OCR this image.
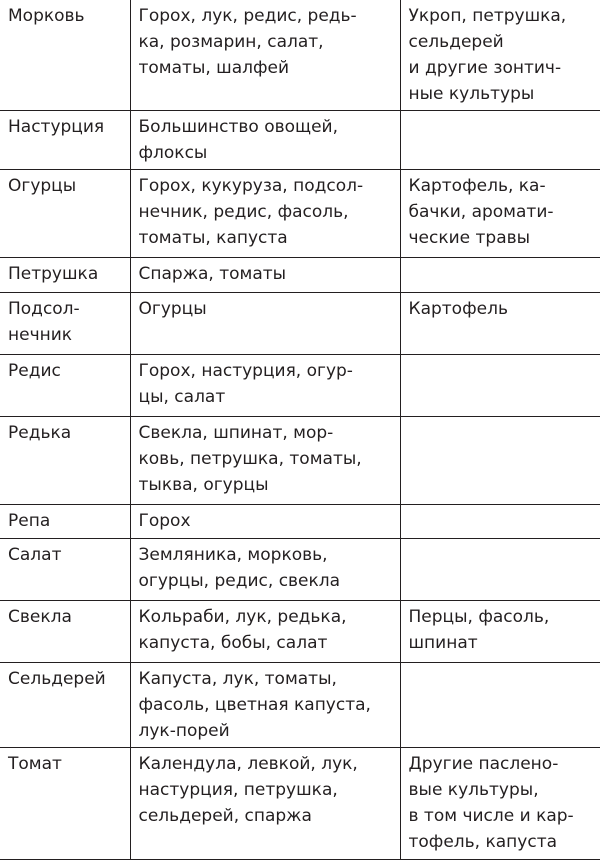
Морковь	Горох, лук, редис, редь-
ка, розмарин, салат,
томаты, шалфей	Укроп, петрушка,
сельдерей
и другие зонтич-
ные культуры
Настурция	Большинство овощей,
флоксы	
Огурцы	Горох, кукуруза, подсол-
нечник, редис, фасоль,
томаты, капуста	Картофель, ка-
бачки, аромати-
ческие травы
Петрушка	Спаржа, томаты	
Подсол-
нечник	Огурцы	Картофель
Редис	Горох, настурция, огур-
цы, салат	
Редька	Свекла, шпинат, мор-
ковь, петрушка, томаты,
тыква, огурцы	
Репа	Горох	
Салат	Земляника, морковь,
огурцы, редис, свекла	
Свекла	Кольраби, лук, редька,
капуста, бобы, салат	Перцы, фасоль,
шпинат
Сельдерей	Капуста, лук, томаты,
фасоль, цветная капуста,
лук-порей	
Томат	Календула, левкой, лук,
настурция, петрушка,
сельдерей, спаржа	Другие паслено-
вые культуры,
в том числе и кар-
тофель, капуста
